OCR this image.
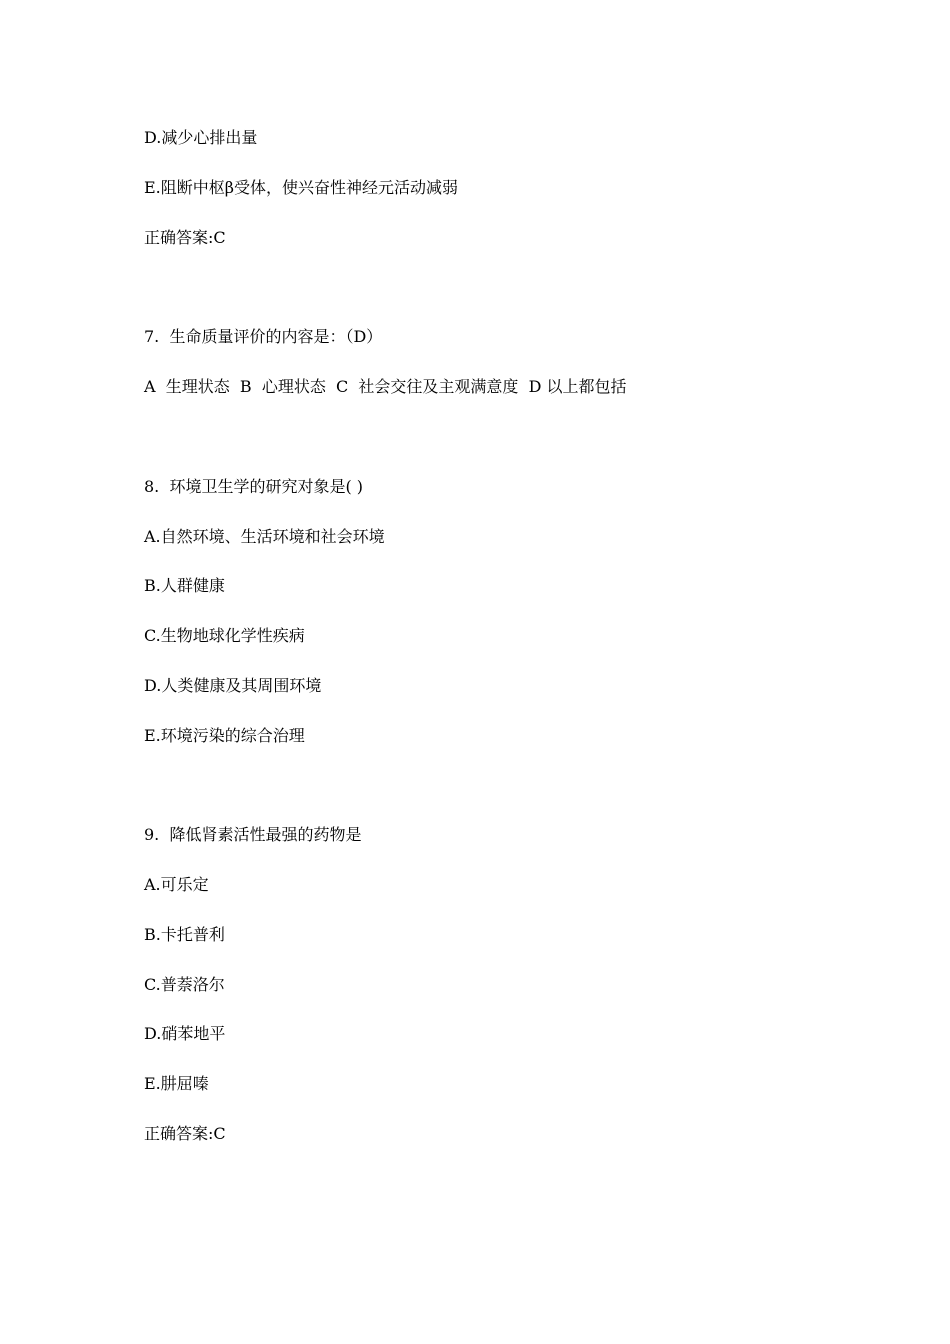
D.减少心排出量
E.阻断中枢β受体，使兴奋性神经元活动减弱
正确答案:C
7.  生命质量评价的内容是：（D）
A  生理状态  B  心理状态  C  社会交往及主观满意度  D 以上都包括
8.  环境卫生学的研究对象是( )
A.自然环境、生活环境和社会环境
B.人群健康
C.生物地球化学性疾病
D.人类健康及其周围环境
E.环境污染的综合治理
9.  降低肾素活性最强的药物是
A.可乐定
B.卡托普利
C.普萘洛尔
D.硝苯地平
E.肼屈嗪
正确答案:C
